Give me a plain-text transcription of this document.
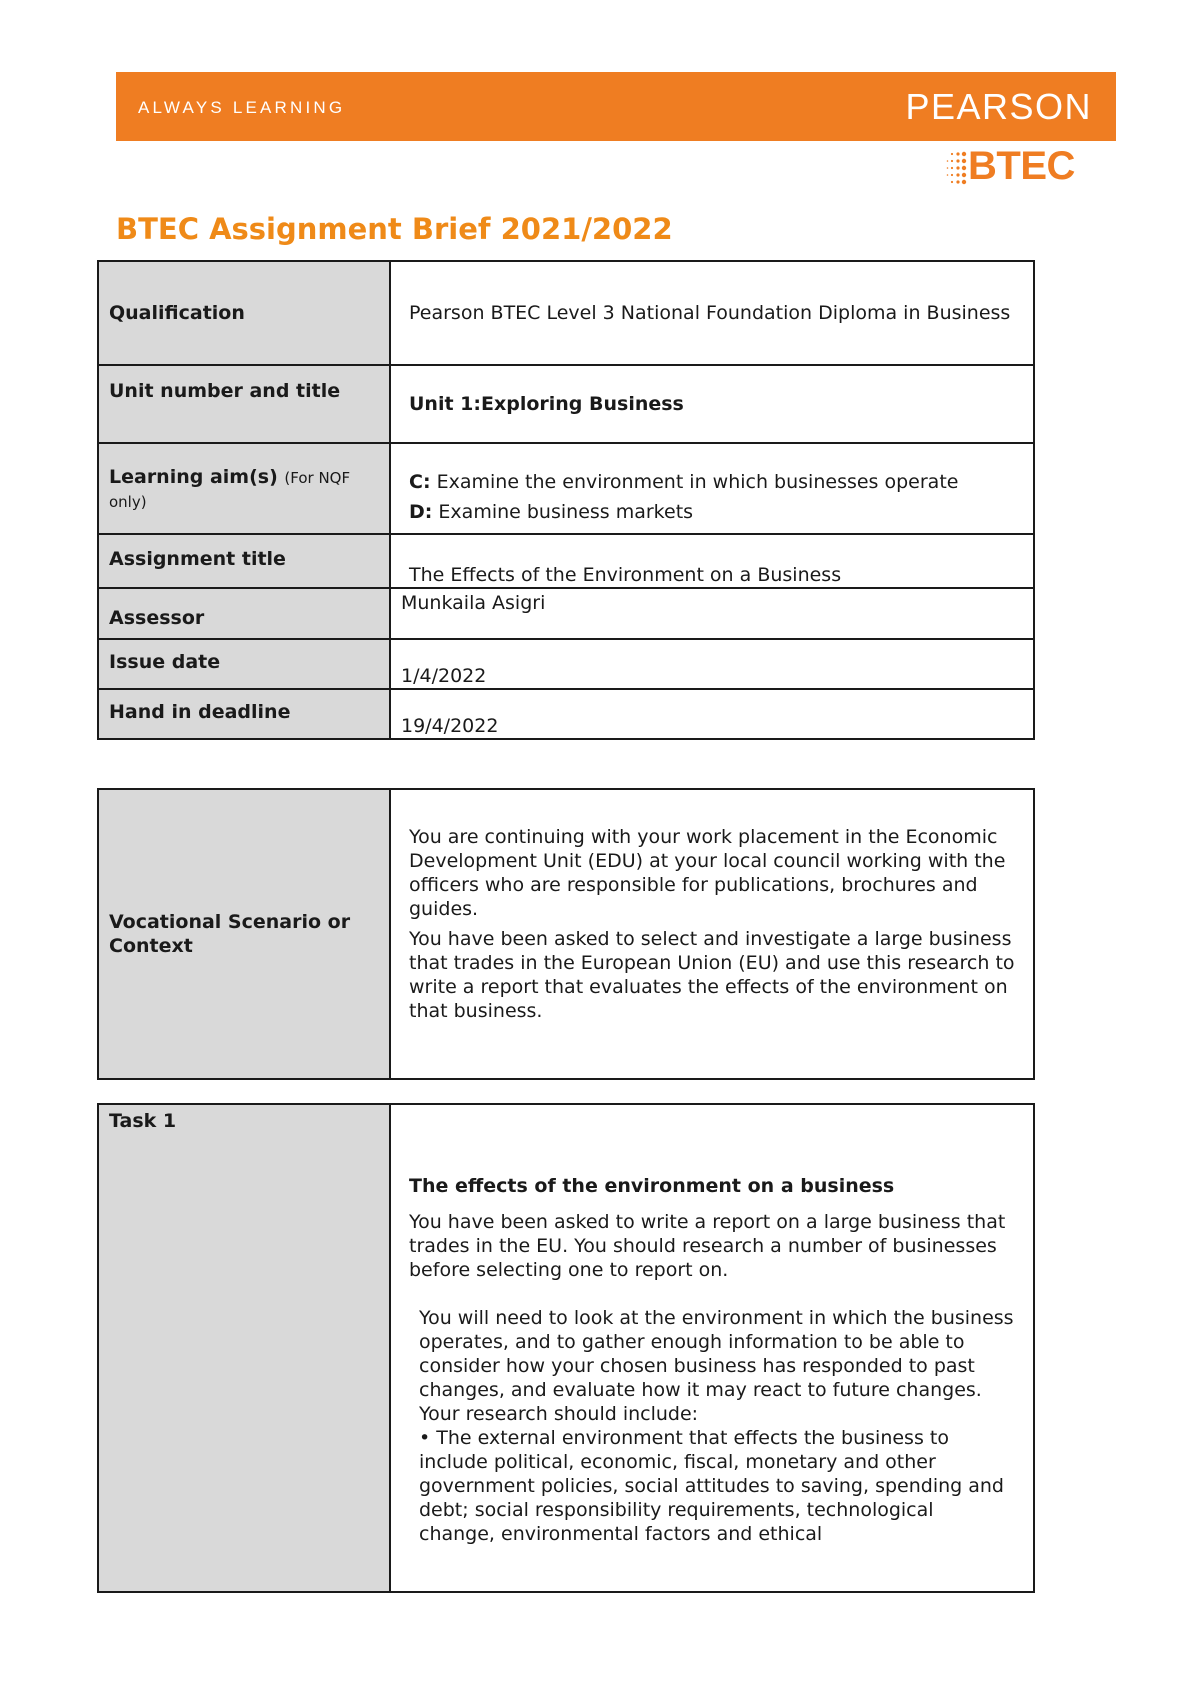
ALWAYS LEARNING	PEARSON
BTEC
BTEC Assignment Brief 2021/2022
Qualification	Pearson BTEC Level 3 National Foundation Diploma in Business
Unit number and title	Unit 1:Exploring Business
Learning aim(s) (For NQF only)	C: Examine the environment in which businesses operate
D: Examine business markets

Assignment title	The Effects of the Environment on a Business
Assessor	Munkaila Asigri
Issue date	1/4/2022
Hand in deadline	19/4/2022
Vocational Scenario or Context	

You are continuing with your work placement in the Economic Development Unit (EDU) at your local council working with the officers who are responsible for publications, brochures and guides.

You have been asked to select and investigate a large business that trades in the European Union (EU) and use this research to write a report that evaluates the effects of the environment on that business.

Task 1	

The effects of the environment on a business

You have been asked to write a report on a large business that trades in the EU. You should research a number of businesses before selecting one to report on.

You will need to look at the environment in which the business operates, and to gather enough information to be able to consider how your chosen business has responded to past changes, and evaluate how it may react to future changes.

Your research should include:

• The external environment that effects the business to include political, economic, fiscal, monetary and other government policies, social attitudes to saving, spending and debt; social responsibility requirements, technological change, environmental factors and ethical
